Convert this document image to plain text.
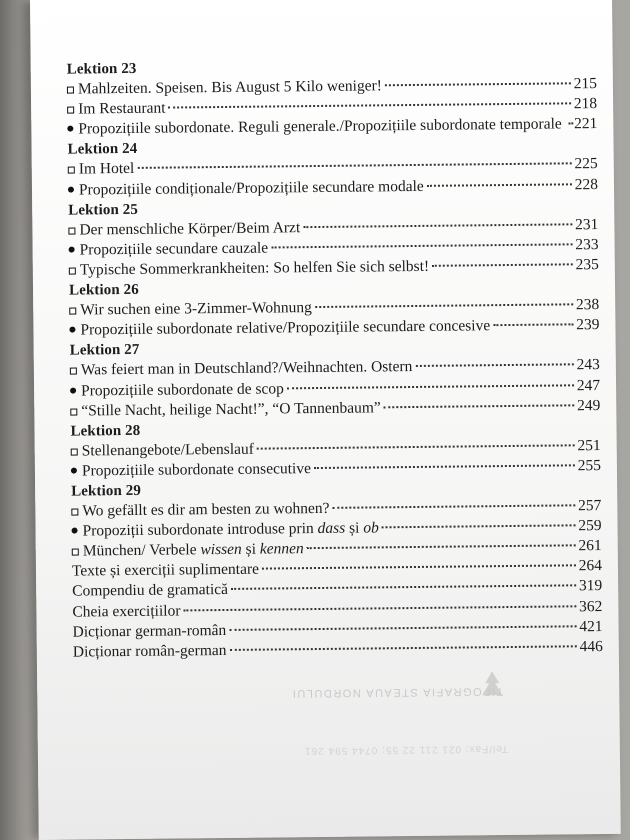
Lektion 23
Mahlzeiten. Speisen. Bis August 5 Kilo weniger!	215
Im Restaurant	218
Propozițiile subordonate. Reguli generale./Propozițiile subordonate temporale 221
Lektion 24
Im Hotel	225
Propozițiile condiționale/Propozițiile secundare modale	228
Lektion 25
Der menschliche Körper/Beim Arzt	231
Propozițiile secundare cauzale	233
Typische Sommerkrankheiten: So helfen Sie sich selbst!	235
Lektion 26
Wir suchen eine 3-Zimmer-Wohnung	238
Propozițiile subordonate relative/Propozițiile secundare concesive	239
Lektion 27
Was feiert man in Deutschland?/Weihnachten. Ostern	243
Propozițiile subordonate de scop	247
“Stille Nacht, heilige Nacht!”, “O Tannenbaum”	249
Lektion 28
Stellenangebote/Lebenslauf	251
Propozițiile subordonate consecutive	255
Lektion 29
Wo gefällt es dir am besten zu wohnen?	257
Propoziții subordonate introduse prin dass și ob	259
München/ Verbele wissen și kennen	261
Texte și exerciții suplimentare	264
Compendiu de gramatică	319
Cheia exercițiilor	362
Dicționar german-român	421
Dicționar român-german	446
TIPOGRAFIA STEAUA NORDULUI
Tel/Fax: 021 211 22 55; 0744 594 261
